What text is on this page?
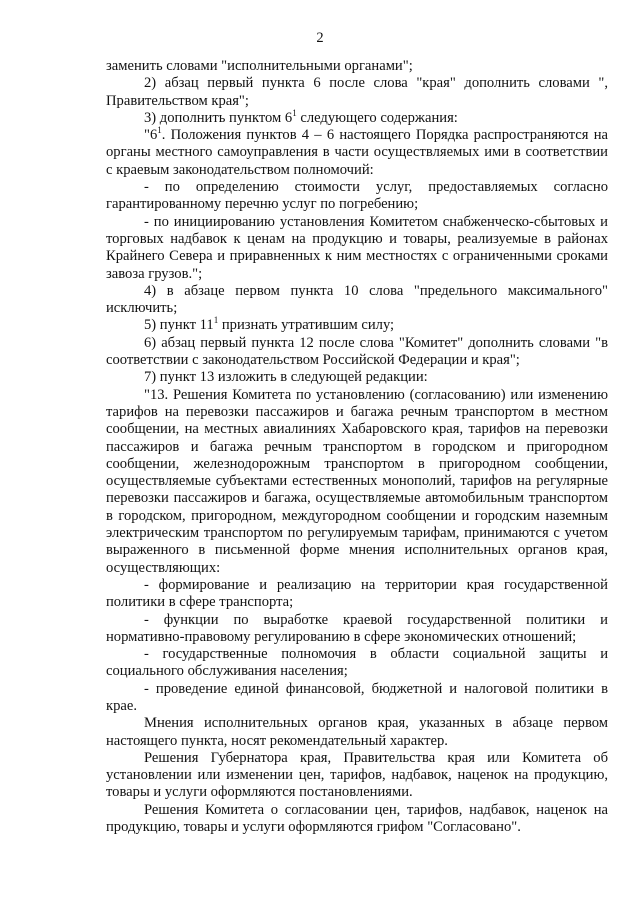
2

заменить словами "исполнительными органами";

2) абзац первый пункта 6 после слова "края" дополнить словами ", Правительством края";

3) дополнить пунктом $6^1$ следующего содержания:

"$6^1$. Положения пунктов 4 – 6 настоящего Порядка распространяются на органы местного самоуправления в части осуществляемых ими в соответствии с краевым законодательством полномочий:

- по определению стоимости услуг, предоставляемых согласно гарантированному перечню услуг по погребению;

- по инициированию установления Комитетом снабженческо-сбытовых и торговых надбавок к ценам на продукцию и товары, реализуемые в районах Крайнего Севера и приравненных к ним местностях с ограниченными сроками завоза грузов.";

4) в абзаце первом пункта 10 слова "предельного максимального" исключить;

5) пункт $11^1$ признать утратившим силу;

6) абзац первый пункта 12 после слова "Комитет" дополнить словами "в соответствии с законодательством Российской Федерации и края";

7) пункт 13 изложить в следующей редакции:

"13. Решения Комитета по установлению (согласованию) или изменению тарифов на перевозки пассажиров и багажа речным транспортом в местном сообщении, на местных авиалиниях Хабаровского края, тарифов на перевозки пассажиров и багажа речным транспортом в городском и пригородном сообщении, железнодорожным транспортом в пригородном сообщении, осуществляемые субъектами естественных монополий, тарифов на регулярные перевозки пассажиров и багажа, осуществляемые автомобильным транспортом в городском, пригородном, междугородном сообщении и городским наземным электрическим транспортом по регулируемым тарифам, принимаются с учетом выраженного в письменной форме мнения исполнительных органов края, осуществляющих:

- формирование и реализацию на территории края государственной политики в сфере транспорта;

- функции по выработке краевой государственной политики и нормативно-правовому регулированию в сфере экономических отношений;

- государственные полномочия в области социальной защиты и социального обслуживания населения;

- проведение единой финансовой, бюджетной и налоговой политики в крае.

Мнения исполнительных органов края, указанных в абзаце первом настоящего пункта, носят рекомендательный характер.

Решения Губернатора края, Правительства края или Комитета об установлении или изменении цен, тарифов, надбавок, наценок на продукцию, товары и услуги оформляются постановлениями.

Решения Комитета о согласовании цен, тарифов, надбавок, наценок на продукцию, товары и услуги оформляются грифом "Согласовано".
